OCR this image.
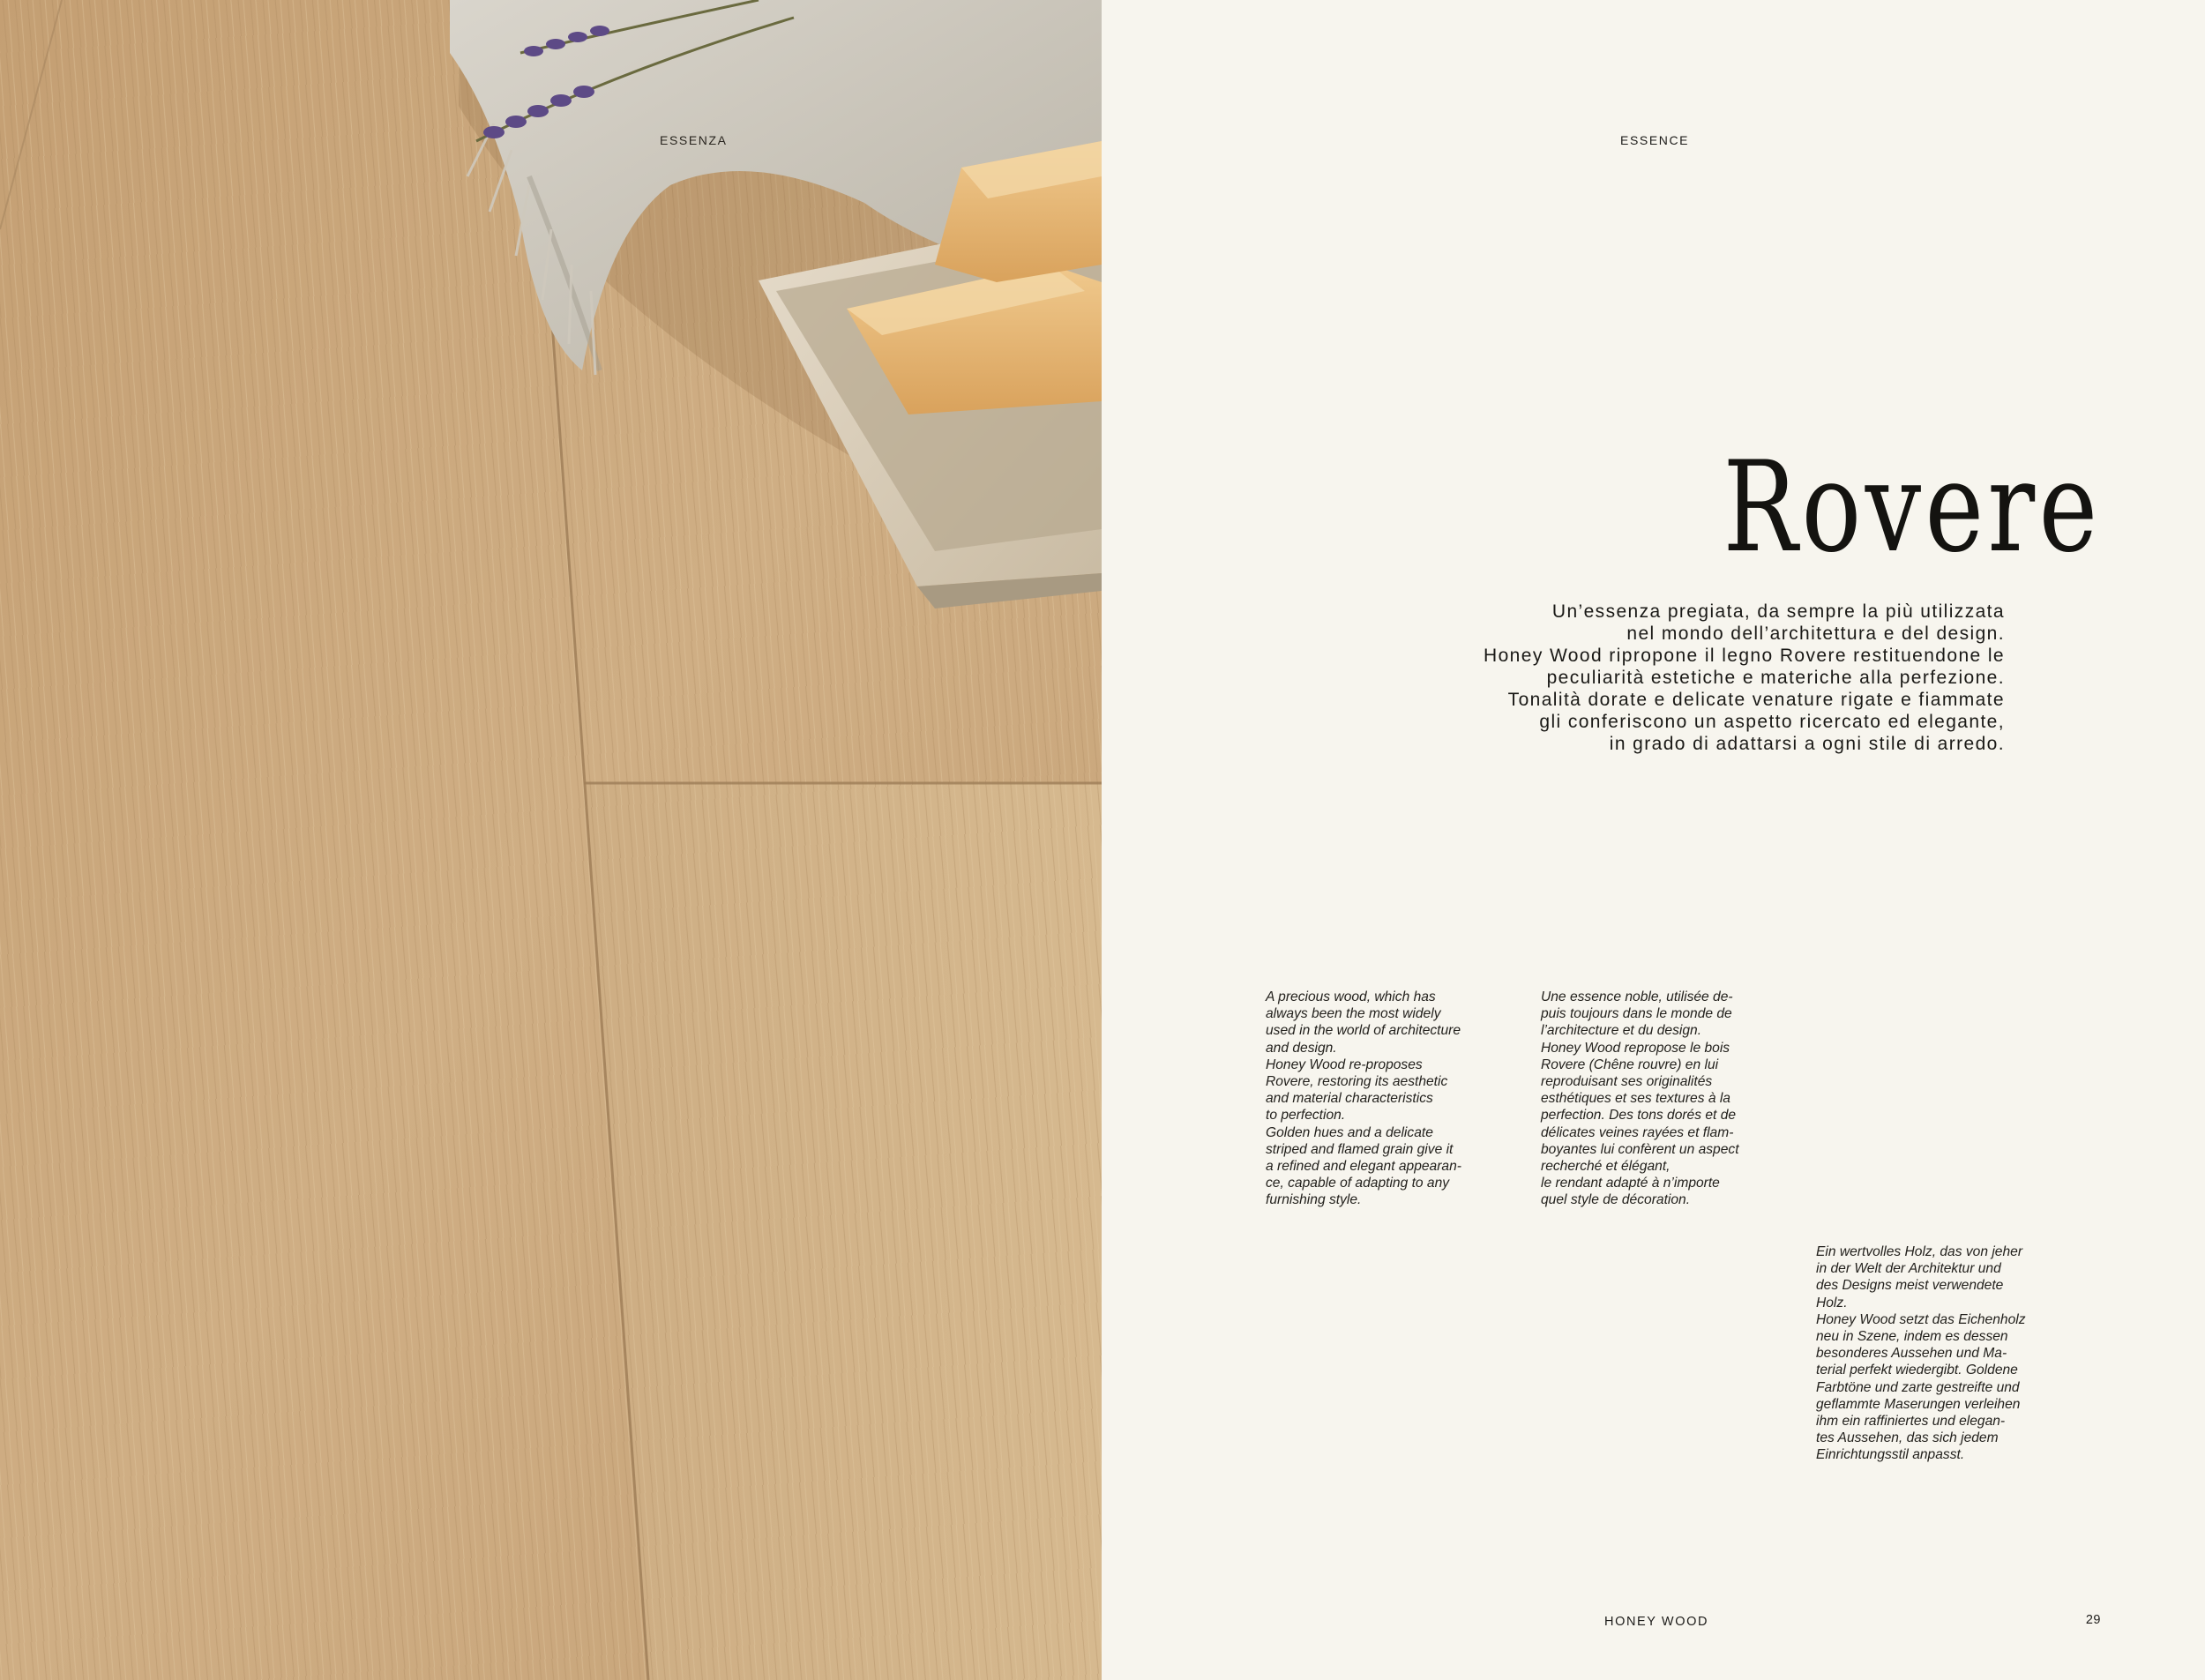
ESSENZA	ESSENCE
Rovere

Un’essenza pregiata, da sempre la più utilizzata

nel mondo dell’architettura e del design.

Honey Wood ripropone il legno Rovere restituendone le

peculiarità estetiche e materiche alla perfezione.

Tonalità dorate e delicate venature rigate e fiammate

gli conferiscono un aspetto ricercato ed elegante,

in grado di adattarsi a ogni stile di arredo.

A precious wood, which has
always been the most widely
used in the world of architecture
and design.
Honey Wood re-proposes
Rovere, restoring its aesthetic
and material characteristics
to perfection.
Golden hues and a delicate
striped and flamed grain give it
a refined and elegant appearan-
ce, capable of adapting to any
furnishing style.
Une essence noble, utilisée de-
puis toujours dans le monde de
l’architecture et du design.
Honey Wood repropose le bois
Rovere (Chêne rouvre) en lui
reproduisant ses originalités
esthétiques et ses textures à la
perfection. Des tons dorés et de
délicates veines rayées et flam-
boyantes lui confèrent un aspect
recherché et élégant,
le rendant adapté à n’importe
quel style de décoration.
Ein wertvolles Holz, das von jeher
in der Welt der Architektur und
des Designs meist verwendete
Holz.
Honey Wood setzt das Eichenholz
neu in Szene, indem es dessen
besonderes Aussehen und Ma-
terial perfekt wiedergibt. Goldene
Farbtöne und zarte gestreifte und
geflammte Maserungen verleihen
ihm ein raffiniertes und elegan-
tes Aussehen, das sich jedem
Einrichtungsstil anpasst.
HONEY WOOD	29
